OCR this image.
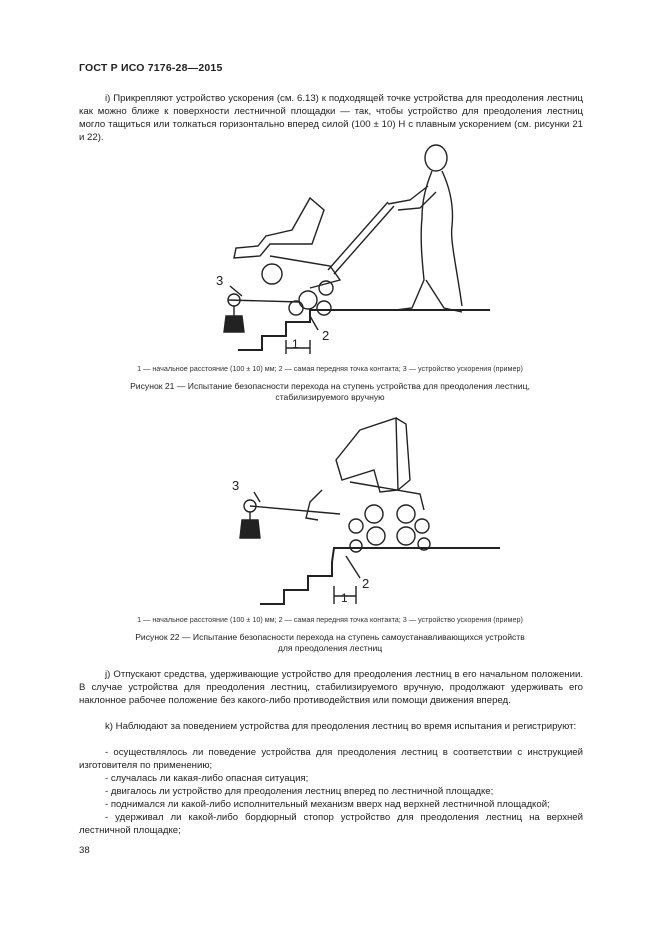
ГОСТ Р ИСО 7176-28—2015
i) Прикрепляют устройство ускорения (см. 6.13) к подходящей точке устройства для преодоления лестниц как можно ближе к поверхности лестничной площадки — так, чтобы устройство для преодоления лестниц могло тащиться или толкаться горизонтально вперед силой (100 ± 10) Н с плавным ускорением (см. рисунки 21 и 22).
3
2
1
1 — начальное расстояние (100 ± 10) мм; 2 — самая передняя точка контакта; 3 — устройство ускорения (пример)
Рисунок 21 — Испытание безопасности перехода на ступень устройства для преодоления лестниц,
стабилизируемого вручную
3
2
1
1 — начальное расстояние (100 ± 10) мм; 2 — самая передняя точка контакта; 3 — устройство ускорения (пример)
Рисунок 22 — Испытание безопасности перехода на ступень самоустанавливающихся устройств
для преодоления лестниц
j) Отпускают средства, удерживающие устройство для преодоления лестниц в его начальном положении. В случае устройства для преодоления лестниц, стабилизируемого вручную, продолжают удерживать его наклонное рабочее положение без какого-либо противодействия или помощи движения вперед.
k) Наблюдают за поведением устройства для преодоления лестниц во время испытания и регистрируют:
- осуществлялось ли поведение устройства для преодоления лестниц в соответствии с инструкцией изготовителя по применению;
- случалась ли какая-либо опасная ситуация;
- двигалось ли устройство для преодоления лестниц вперед по лестничной площадке;
- поднимался ли какой-либо исполнительный механизм вверх над верхней лестничной площадкой;
- удерживал ли какой-либо бордюрный стопор устройство для преодоления лестниц на верхней лестничной площадке;
38
